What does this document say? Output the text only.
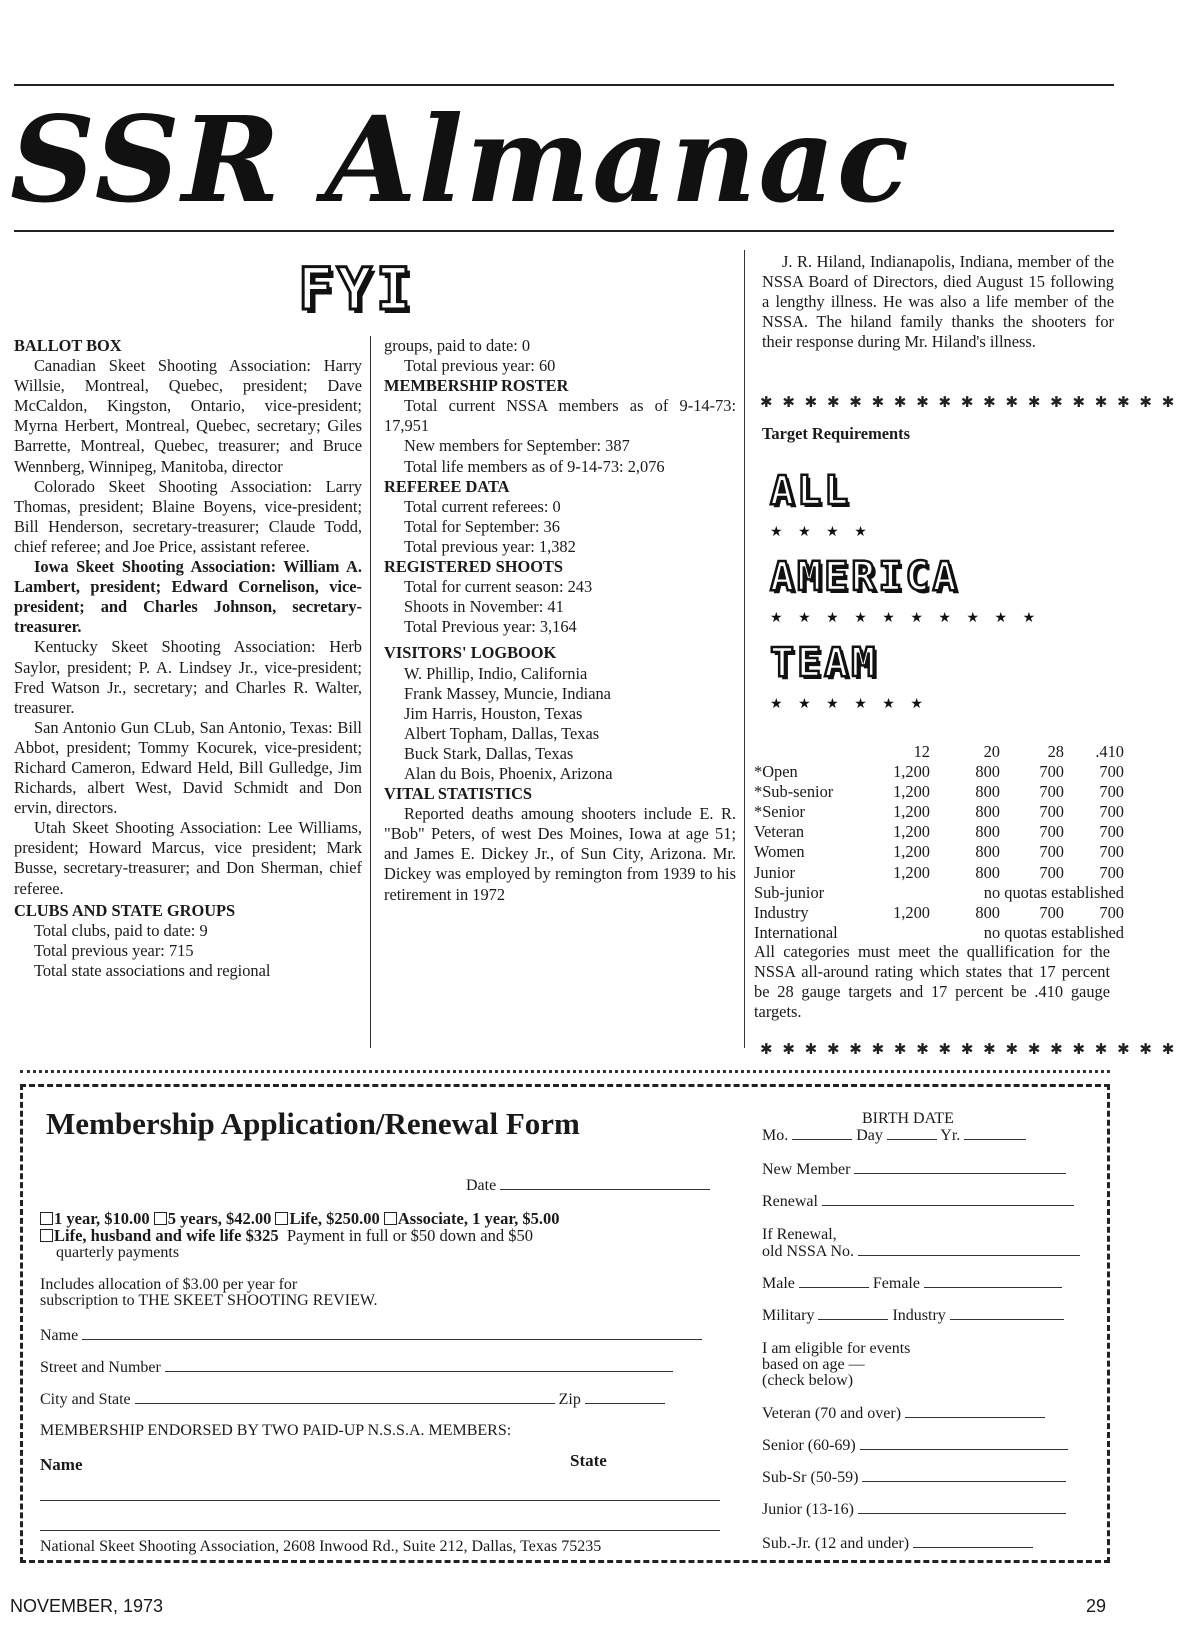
SSR Almanac
FYI

BALLOT BOX

Canadian Skeet Shooting Association: Harry Willsie, Montreal, Quebec, president; Dave McCaldon, Kingston, Ontario, vice-president; Myrna Herbert, Montreal, Quebec, secretary; Giles Barrette, Montreal, Quebec, treasurer; and Bruce Wennberg, Winnipeg, Manitoba, director

Colorado Skeet Shooting Association: Larry Thomas, president; Blaine Boyens, vice-president; Bill Henderson, secretary-treasurer; Claude Todd, chief referee; and Joe Price, assistant referee.

Iowa Skeet Shooting Association: William A. Lambert, president; Edward Cornelison, vice-president; and Charles Johnson, secretary-treasurer.

Kentucky Skeet Shooting Association: Herb Saylor, president; P. A. Lindsey Jr., vice-president; Fred Watson Jr., secretary; and Charles R. Walter, treasurer.

San Antonio Gun CLub, San Antonio, Texas: Bill Abbot, president; Tommy Kocurek, vice-president; Richard Cameron, Edward Held, Bill Gulledge, Jim Richards, albert West, David Schmidt and Don ervin, directors.

Utah Skeet Shooting Association: Lee Williams, president; Howard Marcus, vice president; Mark Busse, secretary-treasurer; and Don Sherman, chief referee.

CLUBS AND STATE GROUPS

Total clubs, paid to date: 9

Total previous year: 715

Total state associations and regional

groups, paid to date: 0

Total previous year: 60

MEMBERSHIP ROSTER

Total current NSSA members as of 9-14-73: 17,951

New members for September: 387

Total life members as of 9-14-73: 2,076

REFEREE DATA

Total current referees: 0

Total for September: 36

Total previous year: 1,382

REGISTERED SHOOTS

Total for current season: 243

Shoots in November: 41

Total Previous year: 3,164

VISITORS' LOGBOOK

W. Phillip, Indio, California

Frank Massey, Muncie, Indiana

Jim Harris, Houston, Texas

Albert Topham, Dallas, Texas

Buck Stark, Dallas, Texas

Alan du Bois, Phoenix, Arizona

VITAL STATISTICS

Reported deaths amoung shooters include E. R. "Bob" Peters, of west Des Moines, Iowa at age 51; and James E. Dickey Jr., of Sun City, Arizona. Mr. Dickey was employed by remington from 1939 to his retirement in 1972

J. R. Hiland, Indianapolis, Indiana, member of the NSSA Board of Directors, died August 15 following a lengthy illness. He was also a life member of the NSSA. The hiland family thanks the shooters for their response during Mr. Hiland's illness.

✱ ✱ ✱ ✱ ✱ ✱ ✱ ✱ ✱ ✱ ✱ ✱ ✱ ✱ ✱ ✱ ✱ ✱ ✱
Target Requirements
ALL
★ ★ ★ ★
AMERICA
★ ★ ★ ★ ★ ★ ★ ★ ★ ★
TEAM
★ ★ ★ ★ ★ ★
	12	20	28	.410
*Open	1,200	800	700	700
*Sub-senior	1,200	800	700	700
*Senior	1,200	800	700	700
Veteran	1,200	800	700	700
Women	1,200	800	700	700
Junior	1,200	800	700	700
Sub-junior	no quotas established			
Industry	1,200	800	700	700
International	no quotas established			
All categories must meet the quallification for the NSSA all-around rating which states that 17 percent be 28 gauge targets and 17 percent be .410 gauge targets.
✱ ✱ ✱ ✱ ✱ ✱ ✱ ✱ ✱ ✱ ✱ ✱ ✱ ✱ ✱ ✱ ✱ ✱ ✱
Membership Application/Renewal Form
Date
1 year, $10.00 5 years, $42.00 Life, $250.00 Associate, 1 year, $5.00
Life, husband and wife life $325 Payment in full or $50 down and $50
quarterly payments
Includes allocation of $3.00 per year for
subscription to THE SKEET SHOOTING REVIEW.
Name
Street and Number
City and State	Zip
MEMBERSHIP ENDORSED BY TWO PAID-UP N.S.S.A. MEMBERS:
Name	State
National Skeet Shooting Association, 2608 Inwood Rd., Suite 212, Dallas, Texas 75235
BIRTH DATE
Mo.	Day	Yr.
New Member
Renewal
If Renewal,
old NSSA No.
Male	Female
Military	Industry
I am eligible for events
based on age —
(check below)
Veteran (70 and over)
Senior (60-69)
Sub-Sr (50-59)
Junior (13-16)
Sub.-Jr. (12 and under)
NOVEMBER, 1973	29
